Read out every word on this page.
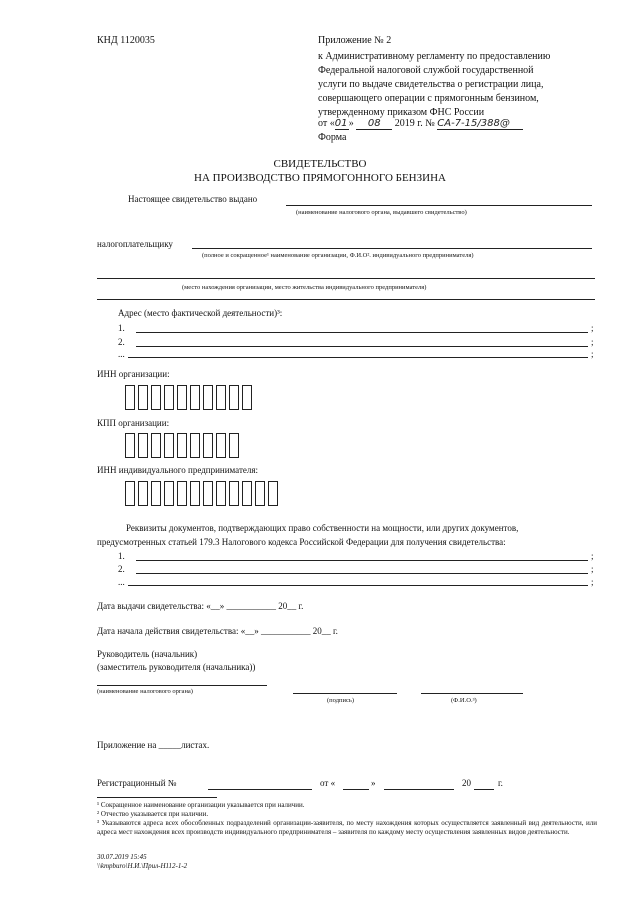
КНД 1120035	Приложение № 2
к Административному регламенту по предоставлению
Федеральной налоговой службой государственной
услуги по выдаче свидетельства о регистрации лица,
совершающего операции с прямогонным бензином,
утвержденному приказом ФНС России
от «01» 08 2019 г. № СА-7-15/388@
Форма
СВИДЕТЕЛЬСТВО
НА ПРОИЗВОДСТВО ПРЯМОГОННОГО БЕНЗИНА
Настоящее свидетельство выдано
(наименование налогового органа, выдавшего свидетельство)
налогоплательщику
(полное и сокращенное¹ наименование организации, Ф.И.О². индивидуального предпринимателя)
(место нахождения организации, место жительства индивидуального предпринимателя)
Адрес (место фактической деятельности)³:
1.	;
2.	;
...	;
ИНН организации:
КПП организации:
ИНН индивидуального предпринимателя:
Реквизиты документов, подтверждающих право собственности на мощности, или других документов,
предусмотренных статьей 179.3 Налогового кодекса Российской Федерации для получения свидетельства:
1.	;
2.	;
...	;
Дата выдачи свидетельства: «__» ___________ 20__ г.
Дата начала действия свидетельства: «__» ___________ 20__ г.
Руководитель (начальник)
(заместитель руководителя (начальника))
(наименование налогового органа)
(подпись)	(Ф.И.О.³)
Приложение на _____листах.
Регистрационный №	от «	»	20	г.
¹ Сокращенное наименование организации указывается при наличии.
² Отчество указывается при наличии.
³ Указываются адреса всех обособленных подразделений организации-заявителя, по месту нахождения которых осуществляется заявленный вид деятельности, или адреса мест нахождения всех производств индивидуального предпринимателя – заявителя по каждому месту осуществления заявленных видов деятельности.
30.07.2019 15:45
\\kmpburo\Н.И.\Прил-Н112-1-2
